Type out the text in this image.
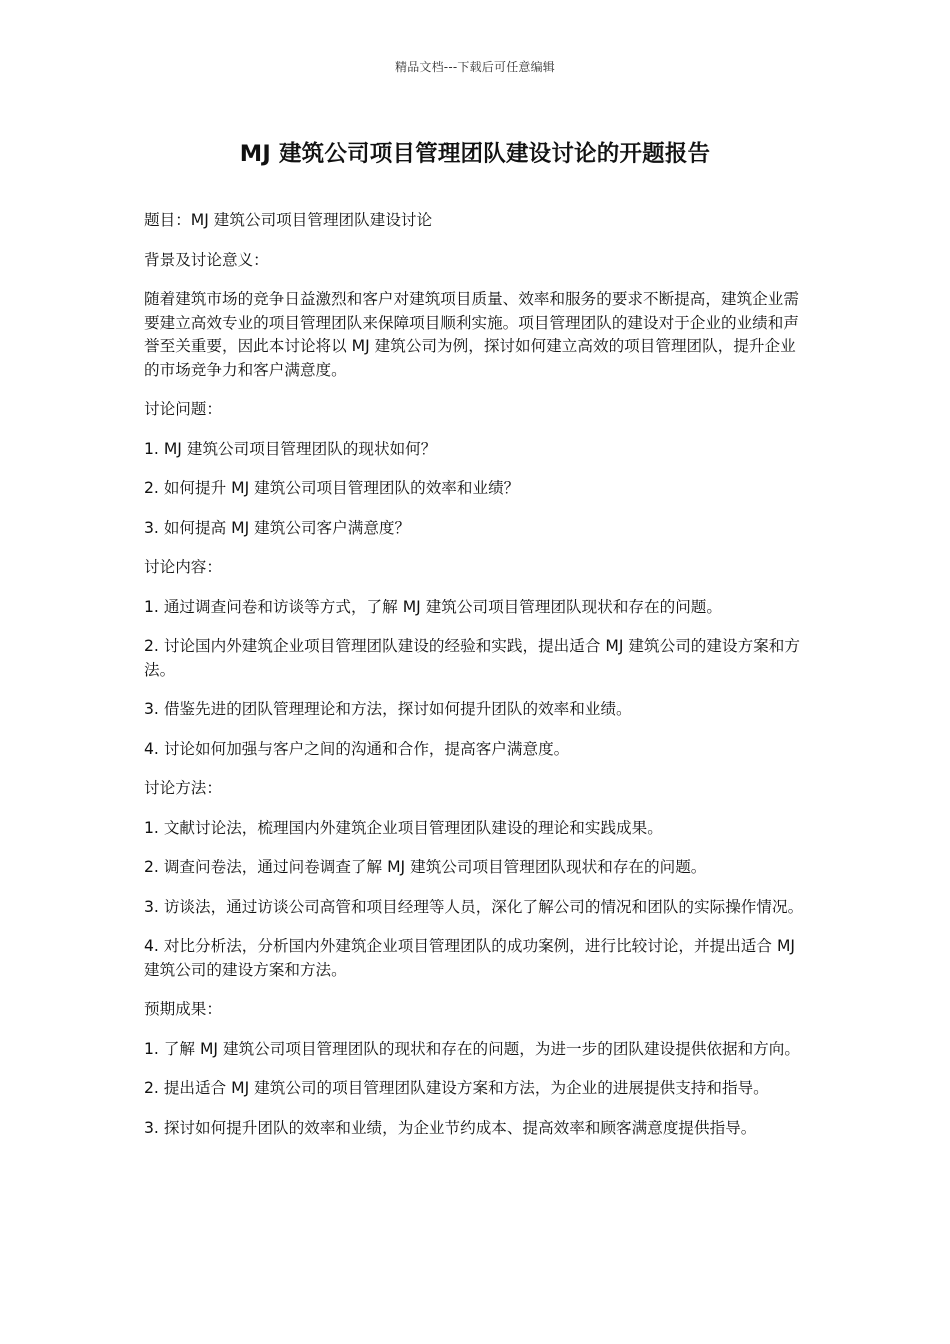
精品文档---下载后可任意编辑
MJ 建筑公司项目管理团队建设讨论的开题报告

题目：MJ 建筑公司项目管理团队建设讨论

背景及讨论意义：

随着建筑市场的竞争日益激烈和客户对建筑项目质量、效率和服务的要求不断提高，建筑企业需要建立高效专业的项目管理团队来保障项目顺利实施。项目管理团队的建设对于企业的业绩和声誉至关重要，因此本讨论将以 MJ 建筑公司为例，探讨如何建立高效的项目管理团队，提升企业的市场竞争力和客户满意度。

讨论问题：

1. MJ 建筑公司项目管理团队的现状如何？

2. 如何提升 MJ 建筑公司项目管理团队的效率和业绩？

3. 如何提高 MJ 建筑公司客户满意度？

讨论内容：

1. 通过调查问卷和访谈等方式，了解 MJ 建筑公司项目管理团队现状和存在的问题。

2. 讨论国内外建筑企业项目管理团队建设的经验和实践，提出适合 MJ 建筑公司的建设方案和方法。

3. 借鉴先进的团队管理理论和方法，探讨如何提升团队的效率和业绩。

4. 讨论如何加强与客户之间的沟通和合作，提高客户满意度。

讨论方法：

1. 文献讨论法，梳理国内外建筑企业项目管理团队建设的理论和实践成果。

2. 调查问卷法，通过问卷调查了解 MJ 建筑公司项目管理团队现状和存在的问题。

3. 访谈法，通过访谈公司高管和项目经理等人员，深化了解公司的情况和团队的实际操作情况。

4. 对比分析法，分析国内外建筑企业项目管理团队的成功案例，进行比较讨论，并提出适合 MJ 建筑公司的建设方案和方法。

预期成果：

1. 了解 MJ 建筑公司项目管理团队的现状和存在的问题，为进一步的团队建设提供依据和方向。

2. 提出适合 MJ 建筑公司的项目管理团队建设方案和方法，为企业的进展提供支持和指导。

3. 探讨如何提升团队的效率和业绩，为企业节约成本、提高效率和顾客满意度提供指导。
